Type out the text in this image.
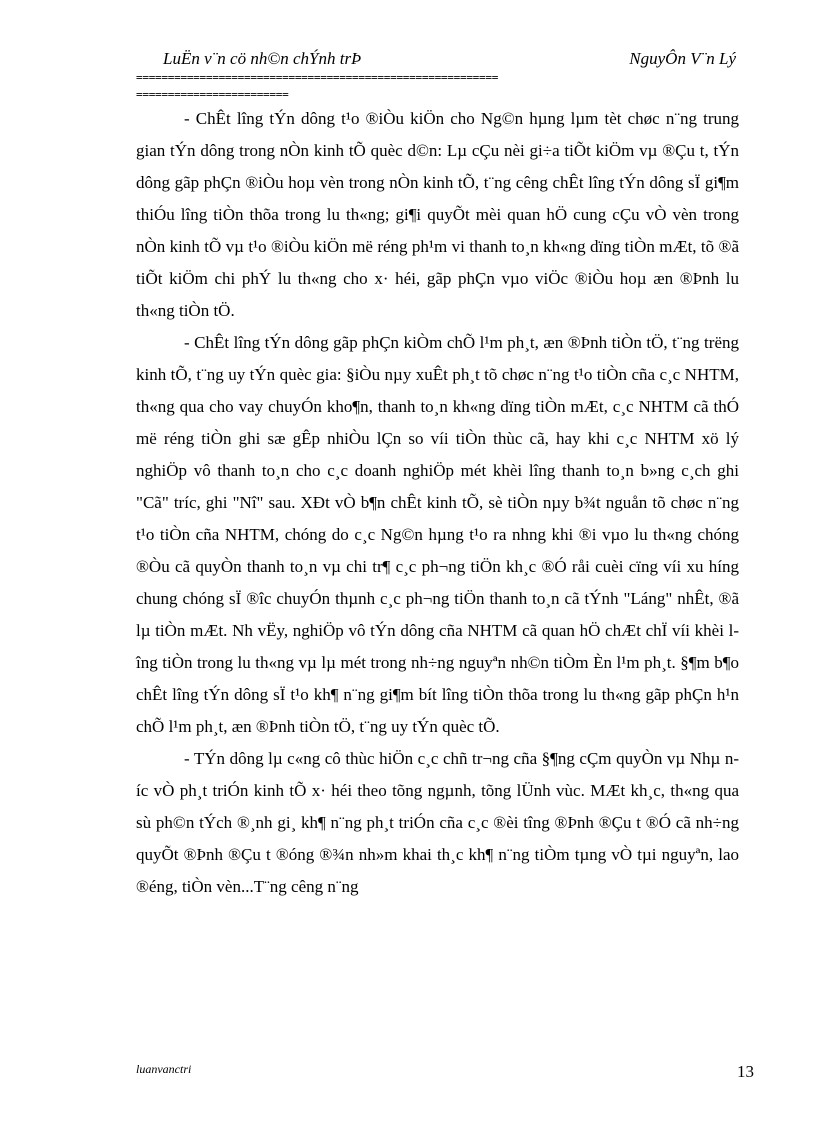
LuËn v¨n cö nh©n chÝnh trÞ	NguyÔn V¨n Lý
=========================================================
========================

- ChÊt lîng tÝn dông t¹o ®iÒu kiÖn cho Ng©n hµng lµm tèt chøc n¨ng trung gian tÝn dông trong nÒn kinh tÕ quèc d©n: Lµ cÇu nèi gi÷a tiÕt kiÖm vµ ®Çu t, tÝn dông gãp phÇn ®iÒu hoµ vèn trong nÒn kinh tÕ, t¨ng cêng chÊt lîng tÝn dông sÏ gi¶m thiÓu lîng tiÒn thõa trong lu th«ng; gi¶i quyÕt mèi quan hÖ cung cÇu vÒ vèn trong nÒn kinh tÕ vµ t¹o ®iÒu kiÖn më réng ph¹m vi thanh to¸n kh«ng dïng tiÒn mÆt, tõ ®ã tiÕt kiÖm chi phÝ lu th«ng cho x· héi, gãp phÇn vµo viÖc ®iÒu hoµ æn ®Þnh lu th«ng tiÒn tÖ.

- ChÊt lîng tÝn dông gãp phÇn kiÒm chÕ l¹m ph¸t, æn ®Þnh tiÒn tÖ, t¨ng trëng kinh tÕ, t¨ng uy tÝn quèc gia: §iÒu nµy xuÊt ph¸t tõ chøc n¨ng t¹o tiÒn cña c¸c NHTM, th«ng qua cho vay chuyÓn kho¶n, thanh to¸n kh«ng dïng tiÒn mÆt, c¸c NHTM cã thÓ më réng tiÒn ghi sæ gÊp nhiÒu lÇn so víi tiÒn thùc cã, hay khi c¸c NHTM xö lý nghiÖp vô thanh to¸n cho c¸c doanh nghiÖp mét khèi lîng thanh to¸n b»ng c¸ch ghi "Cã" tríc, ghi "Nî" sau. XÐt vÒ b¶n chÊt kinh tÕ, sè tiÒn nµy b¾t nguån tõ chøc n¨ng t¹o tiÒn cña NHTM, chóng do c¸c Ng©n hµng t¹o ra nhng khi ®i vµo lu th«ng chóng ®Òu cã quyÒn thanh to¸n vµ chi tr¶ c¸c ph¬ng tiÖn kh¸c ®Ó råi cuèi cïng víi xu híng chung chóng sÏ ®îc chuyÓn thµnh c¸c ph¬ng tiÖn thanh to¸n cã tÝnh "Láng" nhÊt, ®ã lµ tiÒn mÆt. Nh vËy, nghiÖp vô tÝn dông cña NHTM cã quan hÖ chÆt chÏ víi khèi lîng tiÒn trong lu th«ng vµ lµ mét trong nh÷ng nguyªn nh©n tiÒm Èn l¹m ph¸t. §¶m b¶o chÊt lîng tÝn dông sÏ t¹o kh¶ n¨ng gi¶m bít lîng tiÒn thõa trong lu th«ng gãp phÇn h¹n chÕ l¹m ph¸t, æn ®Þnh tiÒn tÖ, t¨ng uy tÝn quèc tÕ.

- TÝn dông lµ c«ng cô thùc hiÖn c¸c chñ tr¬ng cña §¶ng cÇm quyÒn vµ Nhµ níc vÒ ph¸t triÓn kinh tÕ x· héi theo tõng ngµnh, tõng lÜnh vùc. MÆt kh¸c, th«ng qua sù ph©n tÝch ®¸nh gi¸ kh¶ n¨ng ph¸t triÓn cña c¸c ®èi tîng ®Þnh ®Çu t ®Ó cã nh÷ng quyÕt ®Þnh ®Çu t ®óng ®¾n nh»m khai th¸c kh¶ n¨ng tiÒm tµng vÒ tµi nguyªn, lao ®éng, tiÒn vèn...T¨ng cêng n¨ng

luanvanctri	13
